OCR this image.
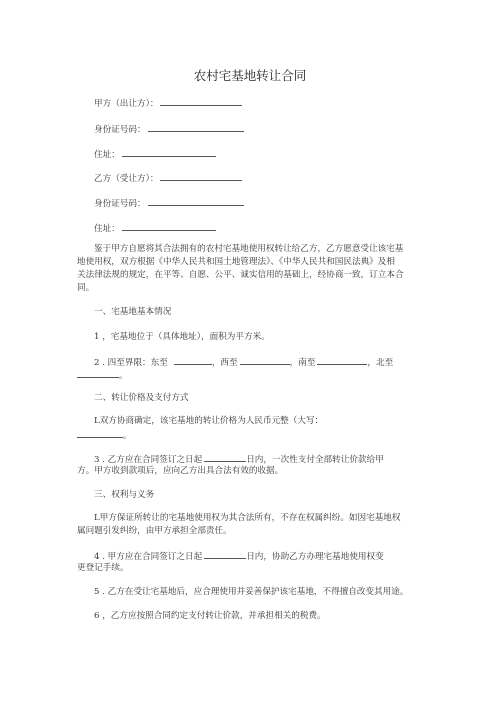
农村宅基地转让合同
甲方（出让方）：
身份证号码：
住址：
乙方（受让方）：
身份证号码：
住址：
鉴于甲方自愿将其合法拥有的农村宅基地使用权转让给乙方，乙方愿意受让该宅基
地使用权，双方根据《中华人民共和国土地管理法》、《中华人民共和国民法典》及相
关法律法规的规定，在平等、自愿、公平、诚实信用的基础上，经协商一致，订立本合
同。
一、宅基地基本情况
1 ，宅基地位于（具体地址），面积为平方米。
2 . 四至界限：东至	，西至	，南至	，北至
。
二、转让价格及支付方式
L双方协商确定，该宅基地的转让价格为人民币元整（大写：
。
3 . 乙方应在合同签订之日起	日内，一次性支付全部转让价款给甲
方。甲方收到款项后，应向乙方出具合法有效的收据。
三、权利与义务
L甲方保证所转让的宅基地使用权为其合法所有，不存在权属纠纷。如因宅基地权
属问题引发纠纷，由甲方承担全部责任。
4 . 甲方应在合同签订之日起	日内，协助乙方办理宅基地使用权变
更登记手续。
5 . 乙方在受让宅基地后，应合理使用并妥善保护该宅基地，不得擅自改变其用途。
6 ，乙方应按照合同约定支付转让价款，并承担相关的税费。
